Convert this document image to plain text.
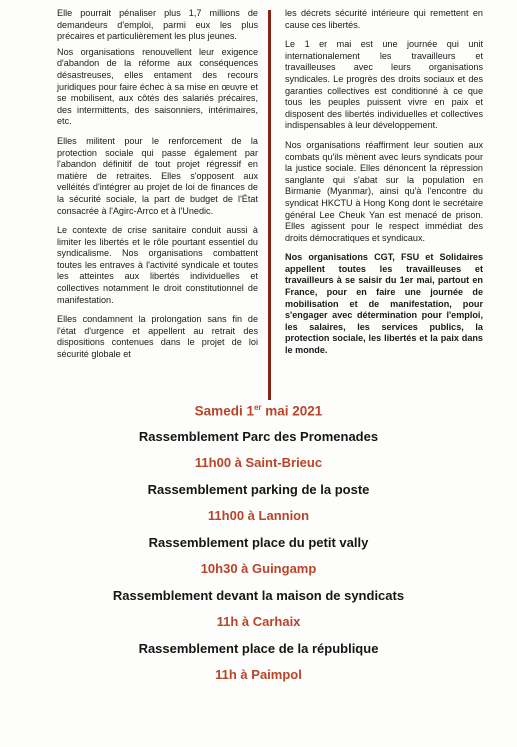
Elle pourrait pénaliser plus 1,7 millions de demandeurs d'emploi, parmi eux les plus précaires et particulièrement les plus jeunes.

Nos organisations renouvellent leur exigence d'abandon de la réforme aux conséquences désastreuses, elles entament des recours juridiques pour faire échec à sa mise en œuvre et se mobilisent, aux côtés des salariés précaires, des intermittents, des saisonniers, intérimaires, etc.

Elles militent pour le renforcement de la protection sociale qui passe également par l'abandon définitif de tout projet régressif en matière de retraites. Elles s'opposent aux velléités d'intégrer au projet de loi de finances de la sécurité sociale, la part de budget de l'État consacrée à l'Agirc-Arrco et à l'Unedic.

Le contexte de crise sanitaire conduit aussi à limiter les libertés et le rôle pourtant essentiel du syndicalisme. Nos organisations combattent toutes les entraves à l'activité syndicale et toutes les atteintes aux libertés individuelles et collectives notamment le droit constitutionnel de manifestation.

Elles condamnent la prolongation sans fin de l'état d'urgence et appellent au retrait des dispositions contenues dans le projet de loi sécurité globale et

les décrets sécurité intérieure qui remettent en cause ces libertés.

Le 1 er mai est une journée qui unit internationalement les travailleurs et travailleuses avec leurs organisations syndicales. Le progrès des droits sociaux et des garanties collectives est conditionné à ce que tous les peuples puissent vivre en paix et disposent des libertés individuelles et collectives indispensables à leur développement.

Nos organisations réaffirment leur soutien aux combats qu'ils mènent avec leurs syndicats pour la justice sociale. Elles dénoncent la répression sanglante qui s'abat sur la population en Birmanie (Myanmar), ainsi qu'à l'encontre du syndicat HKCTU à Hong Kong dont le secrétaire général Lee Cheuk Yan est menacé de prison. Elles agissent pour le respect immédiat des droits démocratiques et syndicaux.

Nos organisations CGT, FSU et Solidaires appellent toutes les travailleuses et travailleurs à se saisir du 1er mai, partout en France, pour en faire une journée de mobilisation et de manifestation, pour s'engager avec détermination pour l'emploi, les salaires, les services publics, la protection sociale, les libertés et la paix dans le monde.

Samedi 1er mai 2021
Rassemblement Parc des Promenades
11h00 à Saint-Brieuc
Rassemblement parking de la poste
11h00 à Lannion
Rassemblement place du petit vally
10h30 à Guingamp
Rassemblement devant la maison de syndicats
11h à Carhaix
Rassemblement place de la république
11h à Paimpol
